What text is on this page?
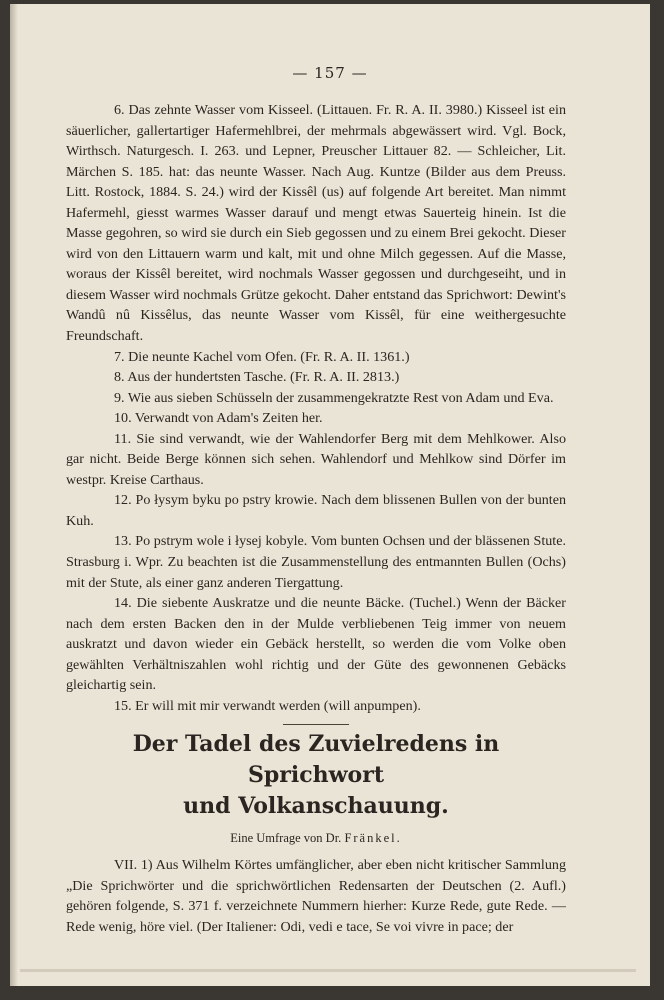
— 157 —

6. Das zehnte Wasser vom Kisseel. (Littauen. Fr. R. A. II. 3980.) Kisseel ist ein säuerlicher, gallertartiger Hafermehlbrei, der mehrmals abgewässert wird. Vgl. Bock, Wirthsch. Naturgesch. I. 263. und Lepner, Preuscher Littauer 82. — Schleicher, Lit. Märchen S. 185. hat: das neunte Wasser. Nach Aug. Kuntze (Bilder aus dem Preuss. Litt. Rostock, 1884. S. 24.) wird der Kissêl (us) auf folgende Art bereitet. Man nimmt Hafermehl, giesst warmes Wasser darauf und mengt etwas Sauerteig hinein. Ist die Masse gegohren, so wird sie durch ein Sieb gegossen und zu einem Brei gekocht. Dieser wird von den Littauern warm und kalt, mit und ohne Milch gegessen. Auf die Masse, woraus der Kissêl bereitet, wird nochmals Wasser gegossen und durchgeseiht, und in diesem Wasser wird nochmals Grütze gekocht. Daher entstand das Sprichwort: Dewint's Wandû nû Kissêlus, das neunte Wasser vom Kissêl, für eine weithergesuchte Freundschaft.

7. Die neunte Kachel vom Ofen. (Fr. R. A. II. 1361.)

8. Aus der hundertsten Tasche. (Fr. R. A. II. 2813.)

9. Wie aus sieben Schüsseln der zusammengekratzte Rest von Adam und Eva.

10. Verwandt von Adam's Zeiten her.

11. Sie sind verwandt, wie der Wahlendorfer Berg mit dem Mehlkower. Also gar nicht. Beide Berge können sich sehen. Wahlendorf und Mehlkow sind Dörfer im westpr. Kreise Carthaus.

12. Po łysym byku po pstry krowie. Nach dem blissenen Bullen von der bunten Kuh.

13. Po pstrym wole i łysej kobyle. Vom bunten Ochsen und der blässenen Stute. Strasburg i. Wpr. Zu beachten ist die Zusammenstellung des entmannten Bullen (Ochs) mit der Stute, als einer ganz anderen Tiergattung.

14. Die siebente Auskratze und die neunte Bäcke. (Tuchel.) Wenn der Bäcker nach dem ersten Backen den in der Mulde verbliebenen Teig immer von neuem auskratzt und davon wieder ein Gebäck herstellt, so werden die vom Volke oben gewählten Verhältniszahlen wohl richtig und der Güte des gewonnenen Gebäcks gleichartig sein.

15. Er will mit mir verwandt werden (will anpumpen).

Der Tadel des Zuvielredens in Sprichwort
und Volkanschauung.
Eine Umfrage von Dr. Fränkel.

VII. 1) Aus Wilhelm Körtes umfänglicher, aber eben nicht kritischer Sammlung „Die Sprichwörter und die sprichwörtlichen Redensarten der Deutschen (2. Aufl.) gehören folgende, S. 371 f. verzeichnete Nummern hierher: Kurze Rede, gute Rede. — Rede wenig, höre viel. (Der Italiener: Odi, vedi e tace, Se voi vivre in pace; der
